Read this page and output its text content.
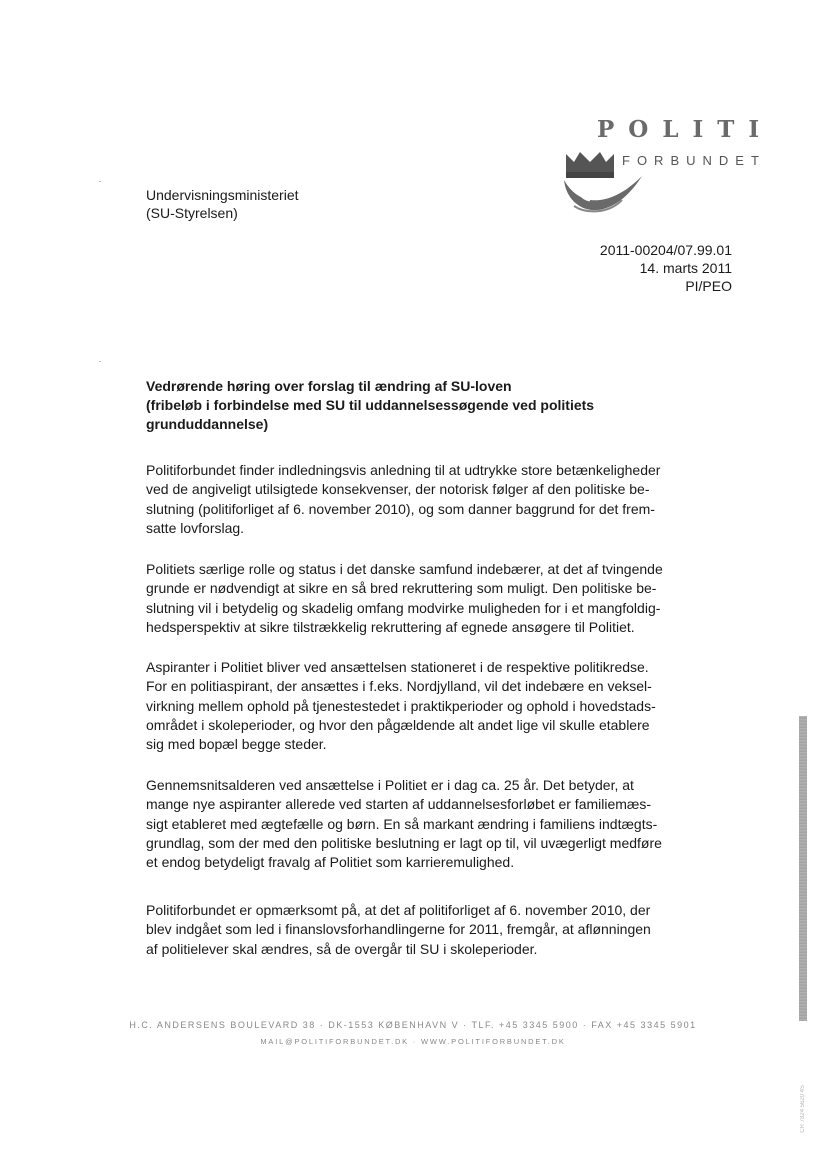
POLITI
FORBUNDET
Undervisningsministeriet
(SU-Styrelsen)
2011-00204/07.99.01
14. marts 2011
PI/PEO
Vedrørende høring over forslag til ændring af SU-loven
(fribeløb i forbindelse med SU til uddannelsessøgende ved politiets
grunduddannelse)
Politiforbundet finder indledningsvis anledning til at udtrykke store betænkeligheder
ved de angiveligt utilsigtede konsekvenser, der notorisk følger af den politiske be-
slutning (politiforliget af 6. november 2010), og som danner baggrund for det frem-
satte lovforslag.
Politiets særlige rolle og status i det danske samfund indebærer, at det af tvingende
grunde er nødvendigt at sikre en så bred rekruttering som muligt. Den politiske be-
slutning vil i betydelig og skadelig omfang modvirke muligheden for i et mangfoldig-
hedsperspektiv at sikre tilstrækkelig rekruttering af egnede ansøgere til Politiet.
Aspiranter i Politiet bliver ved ansættelsen stationeret i de respektive politikredse.
For en politiaspirant, der ansættes i f.eks. Nordjylland, vil det indebære en veksel-
virkning mellem ophold på tjenestestedet i praktikperioder og ophold i hovedstads-
området i skoleperioder, og hvor den pågældende alt andet lige vil skulle etablere
sig med bopæl begge steder.
Gennemsnitsalderen ved ansættelse i Politiet er i dag ca. 25 år. Det betyder, at
mange nye aspiranter allerede ved starten af uddannelsesforløbet er familiemæs-
sigt etableret med ægtefælle og børn. En så markant ændring i familiens indtægts-
grundlag, som der med den politiske beslutning er lagt op til, vil uvægerligt medføre
et endog betydeligt fravalg af Politiet som karrieremulighed.
Politiforbundet er opmærksomt på, at det af politiforliget af 6. november 2010, der
blev indgået som led i finanslovsforhandlingerne for 2011, fremgår, at aflønningen
af politielever skal ændres, så de overgår til SU i skoleperioder.
H.C. ANDERSENS BOULEVARD 38 · DK-1553 KØBENHAVN V · TLF. +45 3345 5900 · FAX +45 3345 5901
MAIL@POLITIFORBUNDET.DK · WWW.POLITIFORBUNDET.DK
CR 7824 5620 4S
